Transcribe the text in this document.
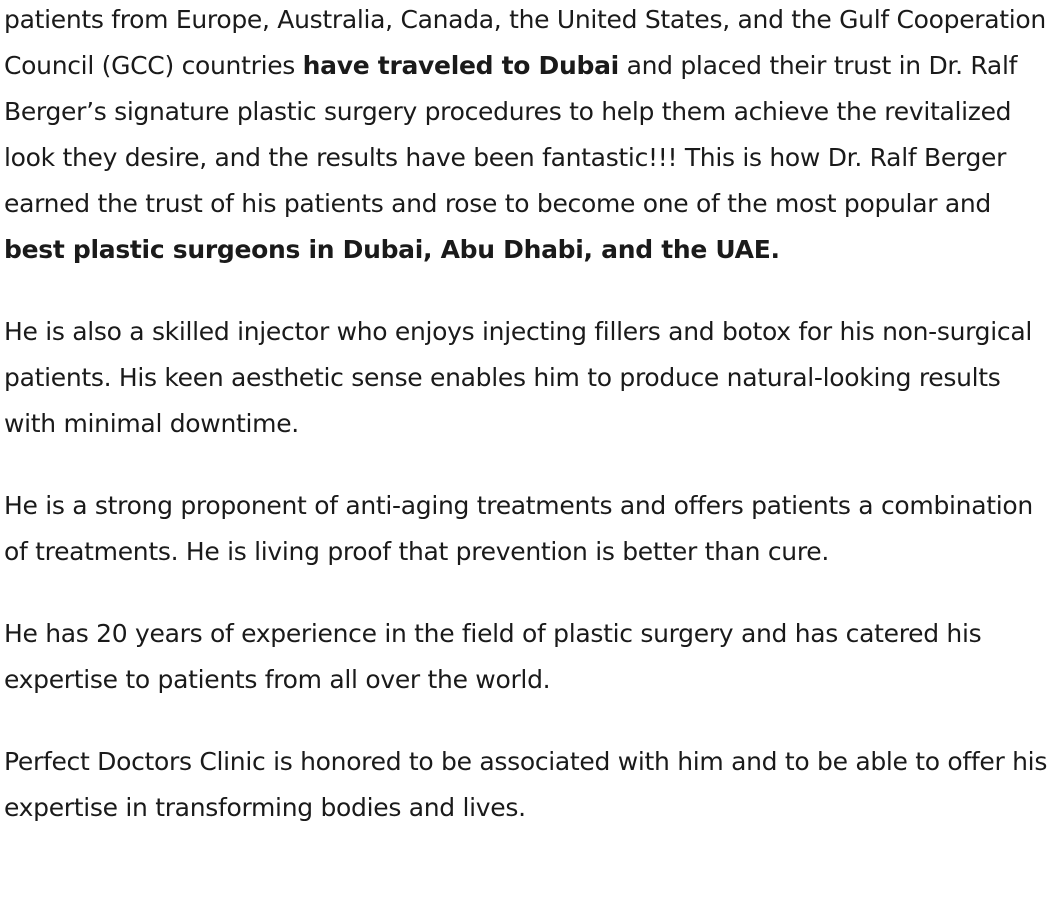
patients from Europe, Australia, Canada, the United States, and the Gulf Cooperation Council (GCC) countries have traveled to Dubai and placed their trust in Dr. Ralf Berger’s signature plastic surgery procedures to help them achieve the revitalized look they desire, and the results have been fantastic!!! This is how Dr. Ralf Berger earned the trust of his patients and rose to become one of the most popular and best plastic surgeons in Dubai, Abu Dhabi, and the UAE.

He is also a skilled injector who enjoys injecting fillers and botox for his non-surgical patients. His keen aesthetic sense enables him to produce natural-looking results with minimal downtime.

He is a strong proponent of anti-aging treatments and offers patients a combination of treatments. He is living proof that prevention is better than cure.

He has 20 years of experience in the field of plastic surgery and has catered his expertise to patients from all over the world.

Perfect Doctors Clinic is honored to be associated with him and to be able to offer his expertise in transforming bodies and lives.
